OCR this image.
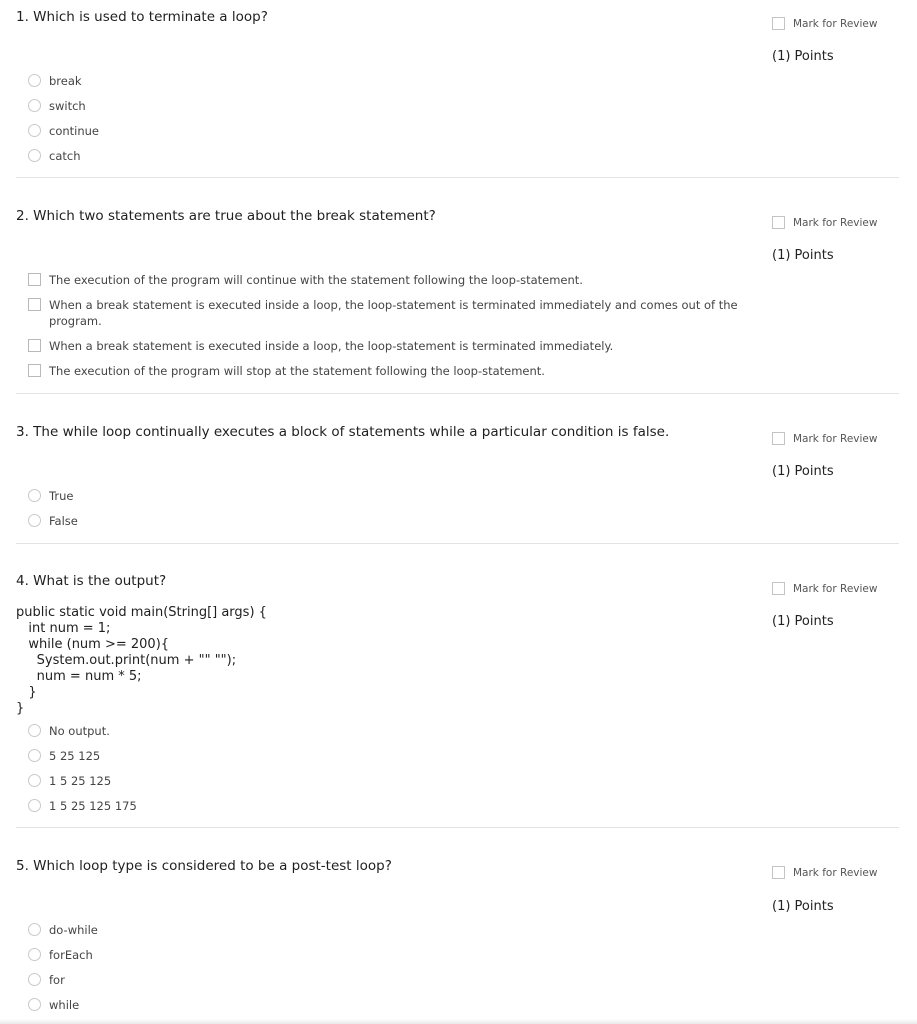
1. Which is used to terminate a loop?	Mark for Review
(1) Points
break
switch
continue
catch
2. Which two statements are true about the break statement?	Mark for Review
(1) Points
The execution of the program will continue with the statement following the loop-statement.
When a break statement is executed inside a loop, the loop-statement is terminated immediately and comes out of the program.
When a break statement is executed inside a loop, the loop-statement is terminated immediately.
The execution of the program will stop at the statement following the loop-statement.
3. The while loop continually executes a block of statements while a particular condition is false.	Mark for Review
(1) Points
True
False
4. What is the output?	Mark for Review
(1) Points
public static void main(String[] args) {
int num = 1;
while (num >= 200){
System.out.print(num + "" "");
num = num * 5;
}
}
No output.
5 25 125
1 5 25 125
1 5 25 125 175
5. Which loop type is considered to be a post-test loop?	Mark for Review
(1) Points
do-while
forEach
for
while
